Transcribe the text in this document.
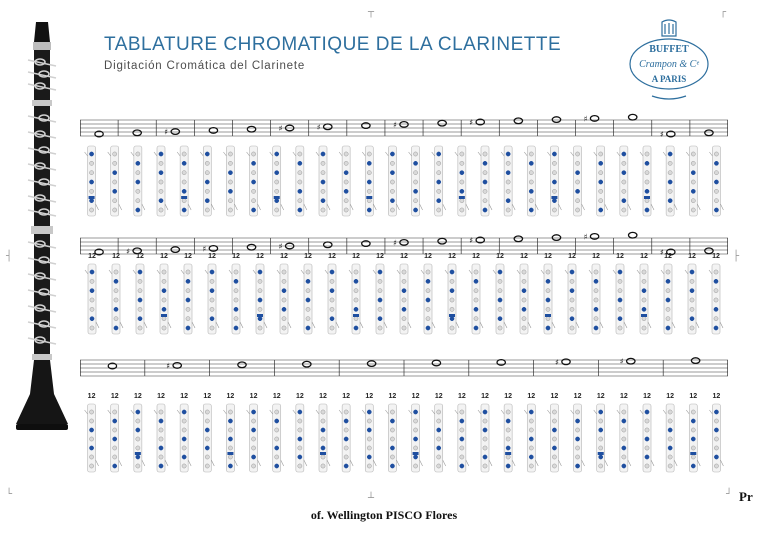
┬	┌
┤	├
└	┴	┘
TABLATURE CHROMATIQUE DE LA CLARINETTE
Digitación Cromática del Clarinete
BUFFET
Crampon & Cᵉ
A PARIS
♯	♯	♯	♯	♯	♯
♯
♯	♯	♯	♯	♯	♯
♯
12 12 12 12 12 12 12 12 12 12 12 12 12 12 12 12 12 12 12 12 12 12 12 12 12 12 12
♯	♯	♯
12 12 12 12 12 12 12 12 12 12 12 12 12 12 12 12 12 12 12 12 12 12 12 12 12 12 12 12
Pr
of. Wellington PISCO Flores
